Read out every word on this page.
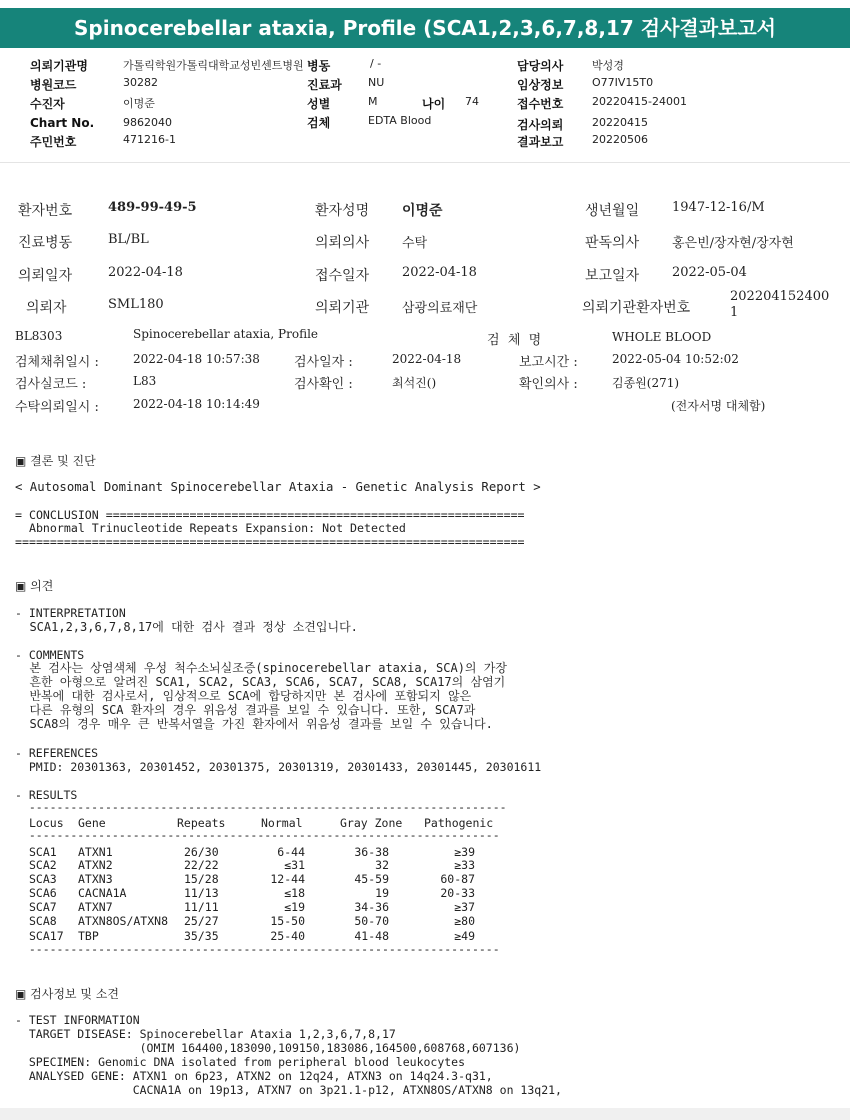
Spinocerebellar ataxia, Profile (SCA1,2,3,6,7,8,17 검사결과보고서
의뢰기관명	가톨릭학원가톨릭대학교성빈센트병원
병원코드	30282
수진자	이명준
Chart No.	9862040
주민번호	471216-1
병동	/ -
진료과 NU
성별	M	나이 74
검체	EDTA Blood
담당의사	박성경
임상정보	O77IV15T0
접수번호	20220415-24001
검사의뢰	20220415
결과보고	20220506
환자번호	489-99-49-5	환자성명 이명준	생년월일	1947-12-16/M
진료병동	BL/BL	의뢰의사	수탁	판독의사	홍은빈/장자현/장자현
의뢰일자	2022-04-18	접수일자	2022-04-18	보고일자	2022-05-04
의뢰자	SML180	의뢰기관	삼광의료재단	의뢰기관환자번호
202204152400
1
BL8303	Spinocerebellar ataxia, Profile	검  체  명	WHOLE BLOOD
검체채취일시 :	2022-04-18 10:57:38	검사일자 :	2022-04-18	보고시간 :	2022-05-04 10:52:02
검사실코드 :	L83	검사확인 :	최석진()	확인의사 :	김종원(271)
수탁의뢰일시 :	2022-04-18 10:14:49	(전자서명 대체함)
▣ 결론 및 진단
< Autosomal Dominant Spinocerebellar Ataxia - Genetic Analysis Report >
= CONCLUSION ============================================================
Abnormal Trinucleotide Repeats Expansion: Not Detected
=========================================================================
▣ 의견
- INTERPRETATION
SCA1,2,3,6,7,8,17에 대한 검사 결과 정상 소견입니다.
- COMMENTS
본 검사는 상염색체 우성 척수소뇌실조증(spinocerebellar ataxia, SCA)의 가장
흔한 아형으로 알려진 SCA1, SCA2, SCA3, SCA6, SCA7, SCA8, SCA17의 삼염기
반복에 대한 검사로서, 임상적으로 SCA에 합당하지만 본 검사에 포함되지 않은
다른 유형의 SCA 환자의 경우 위음성 결과를 보일 수 있습니다. 또한, SCA7과
SCA8의 경우 매우 큰 반복서열을 가진 환자에서 위음성 결과를 보일 수 있습니다.
- REFERENCES
PMID: 20301363, 20301452, 20301375, 20301319, 20301433, 20301445, 20301611
- RESULTS
---------------------------------------------------------------------
Locus Gene	Repeats	Normal	Gray Zone Pathogenic
--------------------------------------------------------------------
SCA1 ATXN1	26/30	6-44	36-38	≥39
SCA2 ATXN2	22/22	≤31	32	≥33
SCA3 ATXN3	15/28	12-44	45-59	60-87
SCA6 CACNA1A	11/13	≤18	19	20-33
SCA7 ATXN7	11/11	≤19	34-36	≥37
SCA8 ATXN8OS/ATXN8 25/27	15-50	50-70	≥80
SCA17 TBP	35/35	25-40	41-48	≥49
--------------------------------------------------------------------
▣ 검사정보 및 소견
- TEST INFORMATION
TARGET DISEASE: Spinocerebellar Ataxia 1,2,3,6,7,8,17
(OMIM 164400,183090,109150,183086,164500,608768,607136)
SPECIMEN: Genomic DNA isolated from peripheral blood leukocytes
ANALYSED GENE: ATXN1 on 6p23, ATXN2 on 12q24, ATXN3 on 14q24.3-q31,
CACNA1A on 19p13, ATXN7 on 3p21.1-p12, ATXN8OS/ATXN8 on 13q21,
